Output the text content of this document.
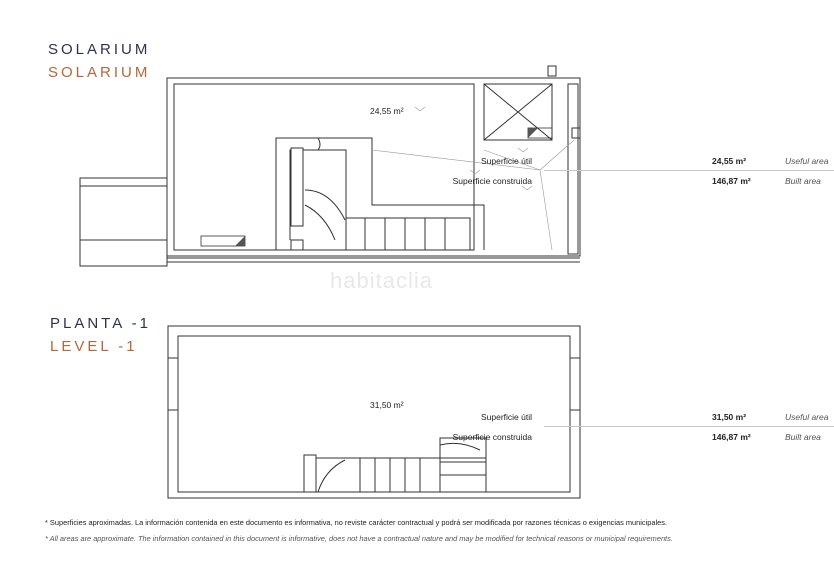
SOLARIUM
SOLARIUM
24,55 m²
Superficie útil	24,55 m²	Useful area
Superficie construida	146,87 m²	Built area
habitaclia
PLANTA -1
LEVEL -1
31,50 m²
Superficie útil	31,50 m²	Useful area
Superficie construida	146,87 m²	Built area
* Superficies aproximadas. La información contenida en este documento es informativa, no reviste carácter contractual y podrá ser modificada por razones técnicas o exigencias municipales.
* All areas are approximate. The information contained in this document is informative, does not have a contractual nature and may be modified for technical reasons or municipal requirements.
